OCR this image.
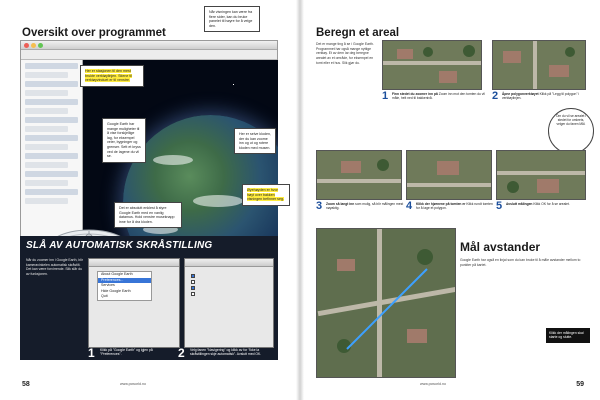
Oversikt over programmet
Her er stasjonen til den mest brukte verktøylinjen. Stiene til verktøyvinduet er til venstre.
Når visningen kan være fra flere sider, kan du bruke panelet til høyre for å velge den.
Google Earth har mange muligheter til å vise forskjellige lag, for eksempel veier, bygninger og grenser. Sett et kryss ved de lagene du vil se.
Her er selve kloden, der du kan zoome inn og ut og rotere kloden med musen.
Øyehøyden er hvor høyt over bakken visningen befinner seg.
Det er absolutt enklest å styre Google Earth med en vanlig datamus. Hold venstre museknapp inne for å dra kloden.
SLÅ AV AUTOMATISK SKRÅSTILLING
Når du zoomer inn i Google Earth, blir kameravinkelen automatisk skråstilt. Det kan være forvirrende. Slik slår du av funksjonen.	About Google Earth
Preferences...
Services
Hide Google Earth
Quit

1 Klikk på "Google Earth" og igjen på "Preferences".	2 Velg fanen "Navigering" og klikk av for "Ikke la skråstillingen skje automatisk". Avslutt med OK.
58	www.pcworld.no
Beregn et areal
Det er mange ting å se i Google Earth. Programmet har også mange nyttige verktøy. Et av dem lar deg beregne arealet av et område, for eksempel en tomt eller et hus. Slik gjør du.
1 Finn stedet du zoomer inn på Zoom inn mot den tomten du vil måle, helt ned til bakkenivå.	2 Åpne polygonverktøyet Klikk på "Legg til polygon" i verktøylinjen.
Om du vil se arealet i stedet for omkrets, velger du fanen Mål.
3 Zoom så langt inn som mulig, så blir målingen mest nøyaktig.	4 Klikk der hjørnene på tomten er Klikk rundt tomten for å lage et polygon.	5 Avslutt målingen Klikk OK for å se arealet.
Mål avstander
Google Earth har også en linjal som du kan bruke til å måle avstander mellom to punkter på kartet.
Klikk der målingen skal starte og slutte.
www.pcworld.no	59
